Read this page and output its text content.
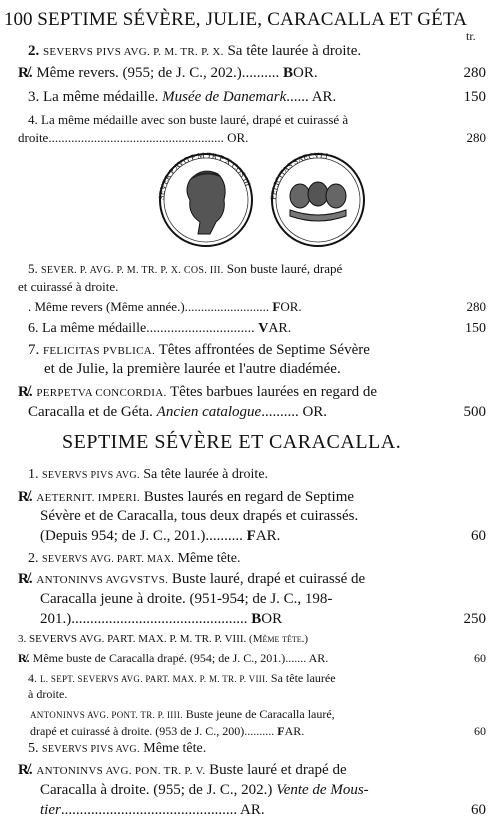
100 SEPTIME SÉVÈRE, JULIE, CARACALLA ET GÉTA
tr.
2. SEVERVS PIVS AVG. P. M. TR. P. X. Sa tête laurée à droite.
R̸. Même revers. (955; de J. C., 202.).......... BOR.	280
3. La même médaille. Musée de Danemark...... AR.	150
4. La même médaille avec son buste lauré, drapé et cuirassé à
droite...................................................... OR.	280
SEVER P AVG P M TR P X COS III
FELICITAS SAECVLI
5. SEVER. P. AVG. P. M. TR. P. X. COS. III. Son buste lauré, drapé
et cuirassé à droite.
. Même revers (Même année.).......................... FOR.	280
6. La même médaille............................... VAR.	150
7. FELICITAS PVBLICA. Têtes affrontées de Septime Sévère
et de Julie, la première laurée et l'autre diadémée.
R̸. PERPETVA CONCORDIA. Têtes barbues laurées en regard de
Caracalla et de Géta. Ancien catalogue.......... OR.	500
SEPTIME SÉVÈRE ET CARACALLA.
1. SEVERVS PIVS AVG. Sa tête laurée à droite.
R̸. AETERNIT. IMPERI. Bustes laurés en regard de Septime
Sévère et de Caracalla, tous deux drapés et cuirassés.
(Depuis 954; de J. C., 201.).......... FAR.	60
2. SEVERVS AVG. PART. MAX. Même tête.
R̸. ANTONINVS AVGVSTVS. Buste lauré, drapé et cuirassé de
Caracalla jeune à droite. (951-954; de J. C., 198-
201.)............................................... BOR	250
3. SEVERVS AVG. PART. MAX. P. M. TR. P. VIII. (Même tête.)
R̸. Même buste de Caracalla drapé. (954; de J. C., 201.)....... AR.	60
4. L. SEPT. SEVERVS AVG. PART. MAX. P. M. TR. P. VIII. Sa tête laurée
à droite.
ANTONINVS AVG. PONT. TR. P. IIII. Buste jeune de Caracalla lauré,
drapé et cuirassé à droite. (953 de J. C., 200).......... FAR.	60
5. SEVERVS PIVS AVG. Même tête.
R̸. ANTONINVS AVG. PON. TR. P. V. Buste lauré et drapé de
Caracalla à droite. (955; de J. C., 202.) Vente de Mous-
tier............................................... AR.	60
